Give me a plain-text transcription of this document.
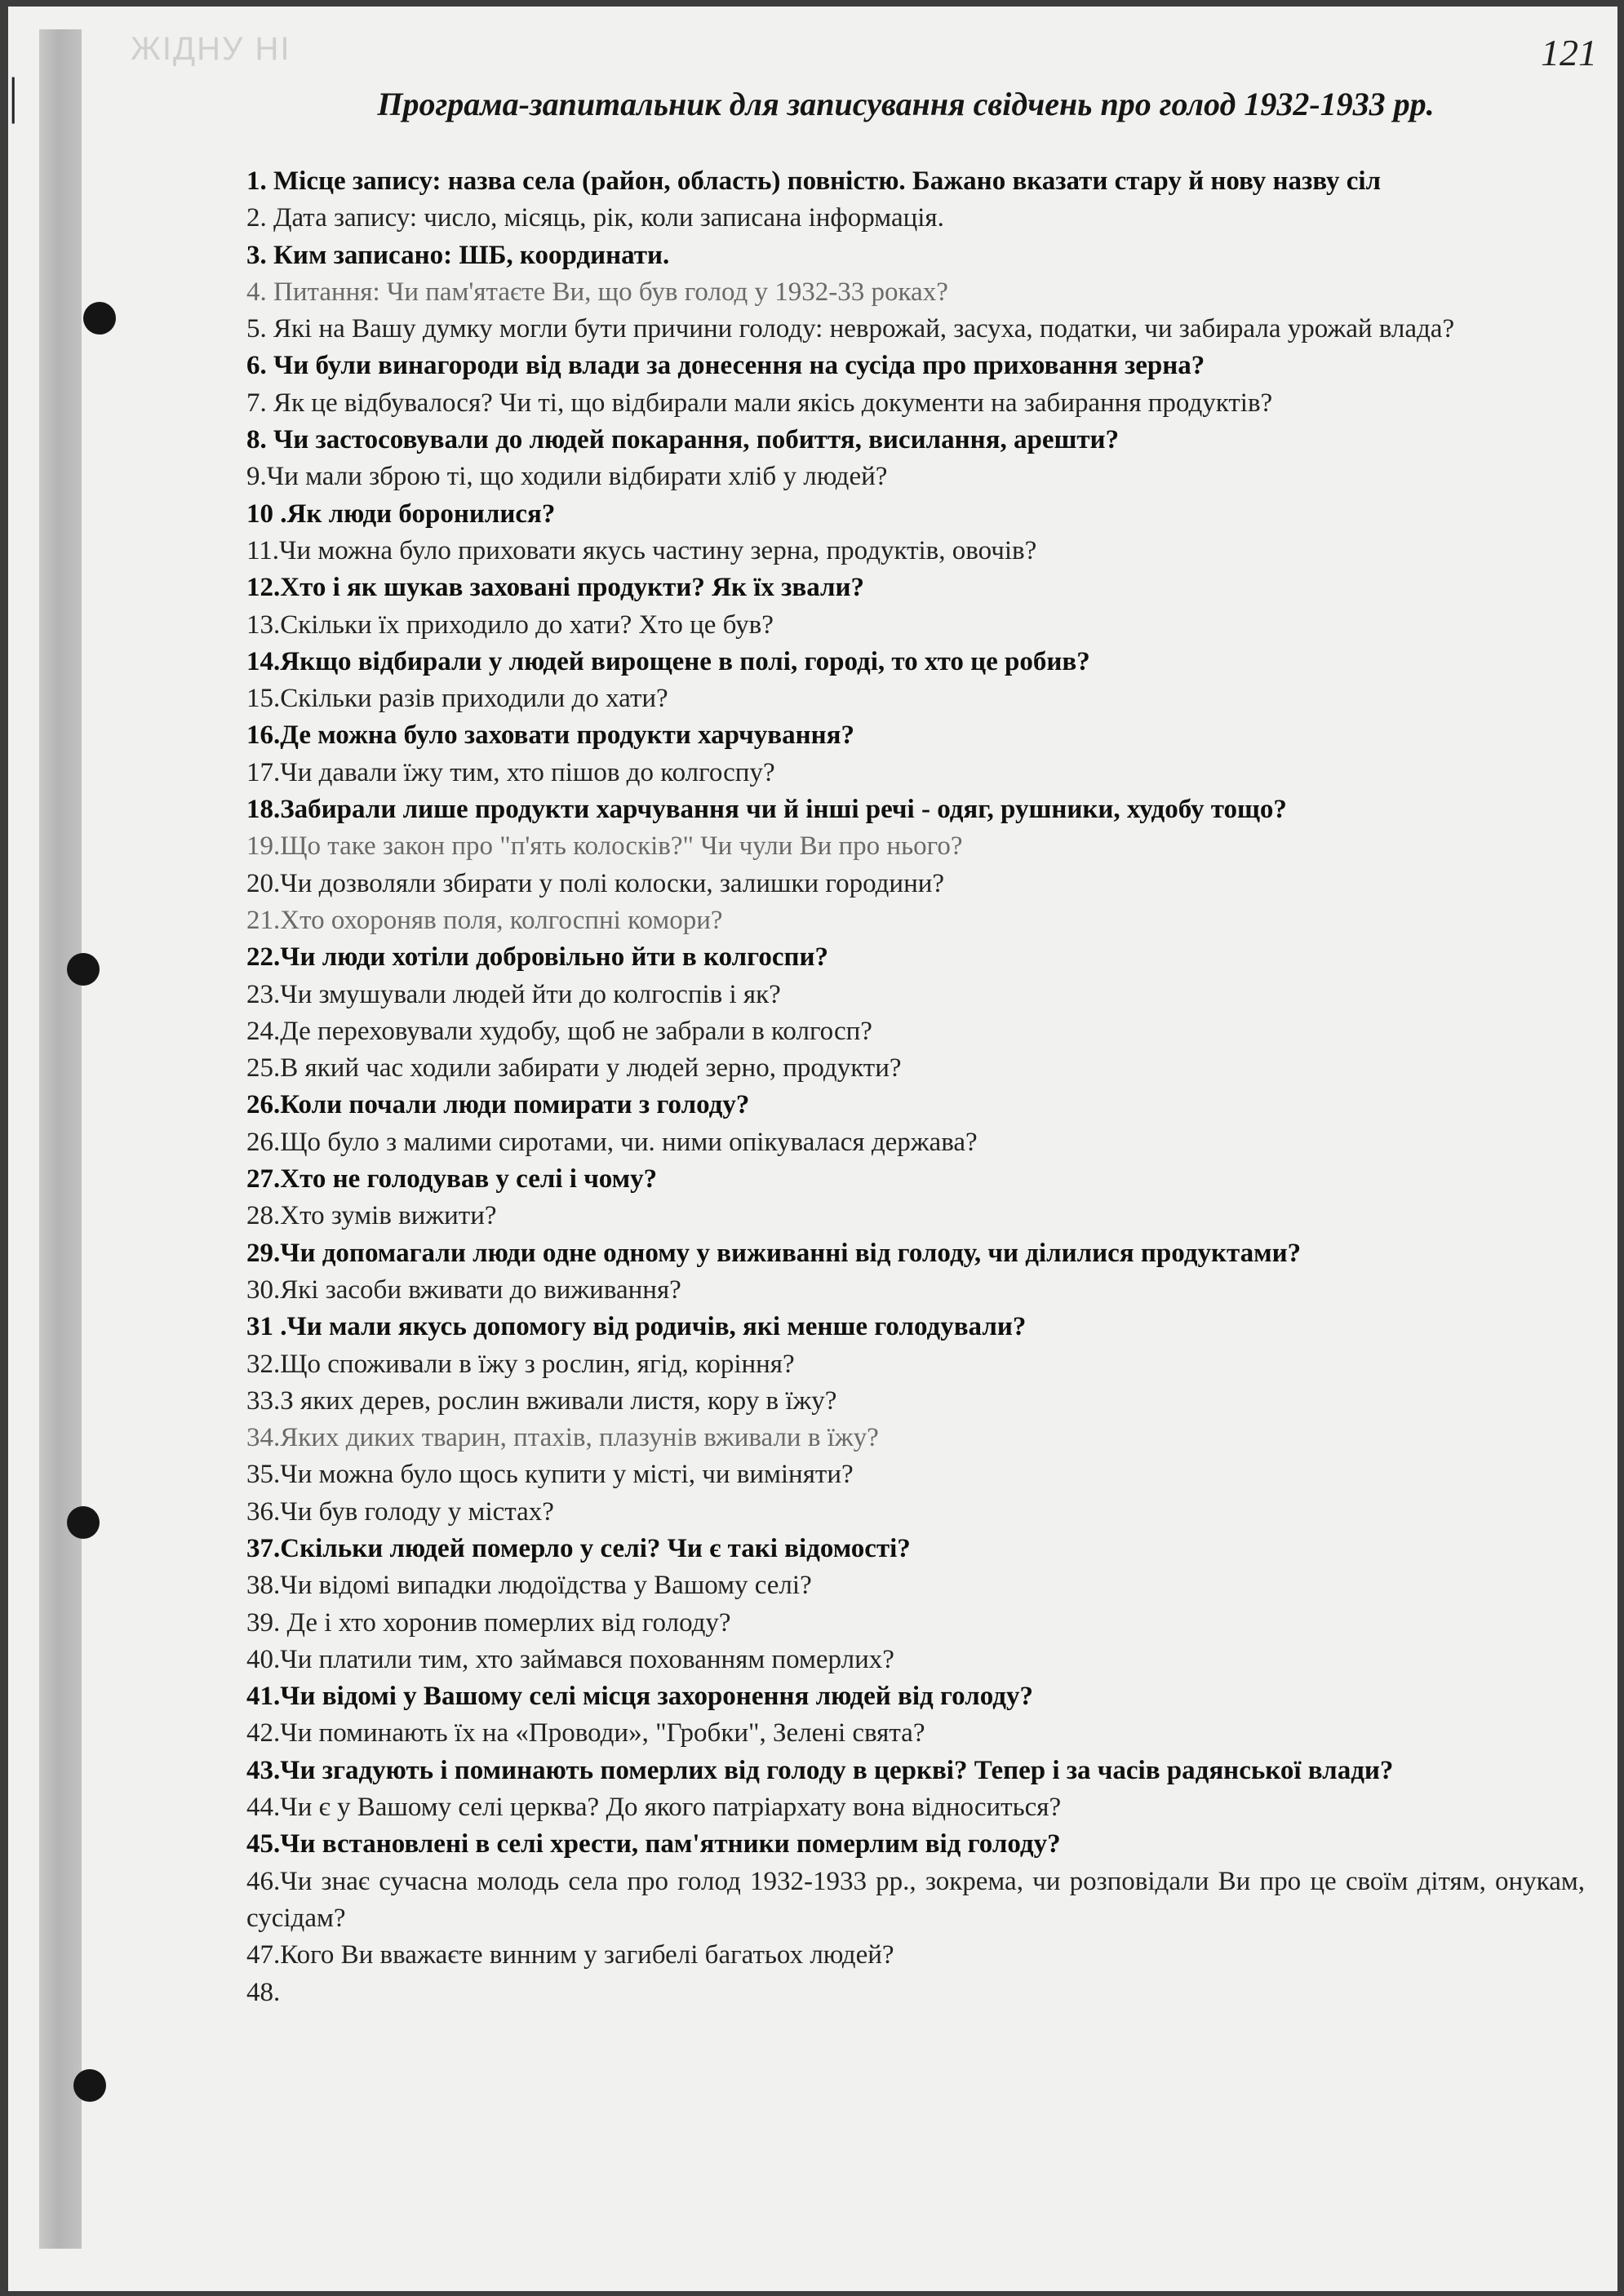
|
ЖІДНУ НІ	121
Програма-запитальник для записування свідчень про голод 1932-1933 рр.
1. Місце запису: назва села (район, область) повністю. Бажано вказати стару й нову назву сіл
2. Дата запису: число, місяць, рік, коли записана інформація.
3. Ким записано: ШБ, координати.
4. Питання: Чи пам'ятаєте Ви, що був голод у 1932-33 роках?
5. Які на Вашу думку могли бути причини голоду: неврожай, засуха, податки, чи забирала урожай влада?
6. Чи були винагороди від влади за донесення на сусіда про приховання зерна?
7. Як це відбувалося? Чи ті, що відбирали мали якісь документи на забирання продуктів?
8. Чи застосовували до людей покарання, побиття, висилання, арешти?
9.Чи мали зброю ті, що ходили відбирати хліб у людей?
10 .Як люди боронилися?
11.Чи можна було приховати якусь частину зерна, продуктів, овочів?
12.Хто і як шукав заховані продукти? Як їх звали?
13.Скільки їх приходило до хати? Хто це був?
14.Якщо відбирали у людей вирощене в полі, городі, то хто це робив?
15.Скільки разів приходили до хати?
16.Де можна було заховати продукти харчування?
17.Чи давали їжу тим, хто пішов до колгоспу?
18.Забирали лише продукти харчування чи й інші речі - одяг, рушники, худобу тощо?
19.Що таке закон про "п'ять колосків?" Чи чули Ви про нього?
20.Чи дозволяли збирати у полі колоски, залишки городини?
21.Хто охороняв поля, колгоспні комори?
22.Чи люди хотіли добровільно йти в колгоспи?
23.Чи змушували людей йти до колгоспів і як?
24.Де переховували худобу, щоб не забрали в колгосп?
25.В який час ходили забирати у людей зерно, продукти?
26.Коли почали люди помирати з голоду?
26.Що було з малими сиротами, чи. ними опікувалася держава?
27.Хто не голодував у селі і чому?
28.Хто зумів вижити?
29.Чи допомагали люди одне одному у виживанні від голоду, чи ділилися продуктами?
30.Які засоби вживати до виживання?
31 .Чи мали якусь допомогу від родичів, які менше голодували?
32.Що споживали в їжу з рослин, ягід, коріння?
33.З яких дерев, рослин вживали листя, кору в їжу?
34.Яких диких тварин, птахів, плазунів вживали в їжу?
35.Чи можна було щось купити у місті, чи виміняти?
36.Чи був голоду у містах?
37.Скільки людей померло у селі? Чи є такі відомості?
38.Чи відомі випадки людоїдства у Вашому селі?
39. Де і хто хоронив померлих від голоду?
40.Чи платили тим, хто займався похованням померлих?
41.Чи відомі у Вашому селі місця захоронення людей від голоду?
42.Чи поминають їх на «Проводи», "Гробки", Зелені свята?
43.Чи згадують і поминають померлих від голоду в церкві? Тепер і за часів радянської влади?
44.Чи є у Вашому селі церква? До якого патріархату вона відноситься?
45.Чи встановлені в селі хрести, пам'ятники померлим від голоду?
46.Чи знає сучасна молодь села про голод 1932-1933 рр., зокрема, чи розповідали Ви про це своїм дітям, онукам, сусідам?
47.Кого Ви вважаєте винним у загибелі багатьох людей?
48.
